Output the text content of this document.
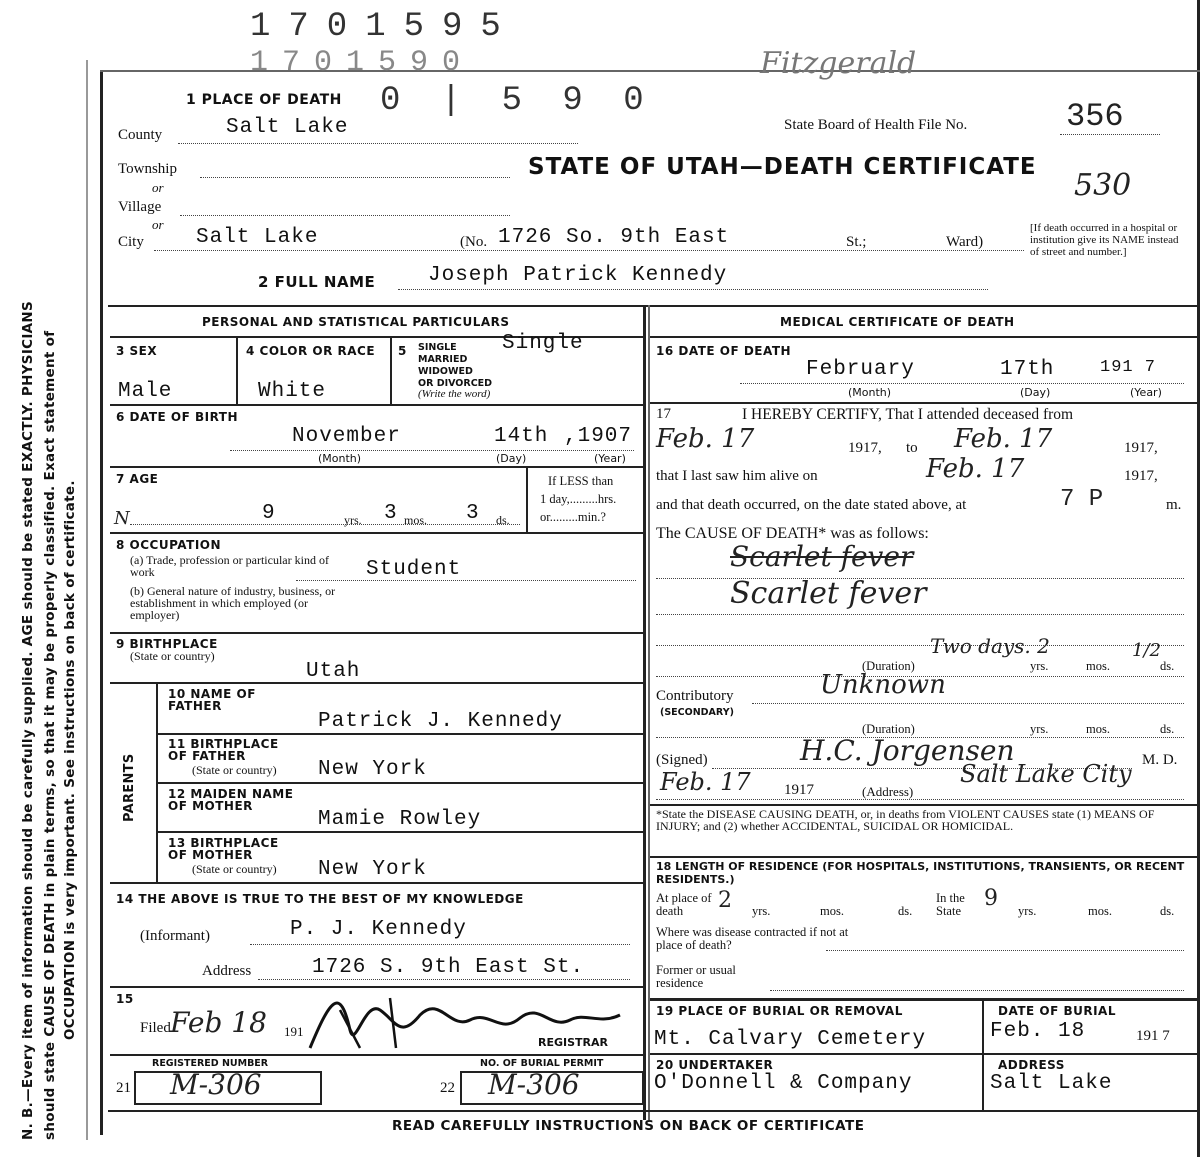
N. B.—Every item of information should be carefully supplied. AGE should be stated EXACTLY. PHYSICIANS should state CAUSE OF DEATH in plain terms, so that it may be properly classified. Exact statement of OCCUPATION is very important. See instructions on back of certificate.
1701595
1701590	Fitzgerald
0 | 5 9 0
1 PLACE OF DEATH
County	Salt Lake
Township
or
Village
or
City Salt Lake	(No. 1726 So. 9th East	St.;	Ward)
State Board of Health File No.	356
STATE OF UTAH—DEATH CERTIFICATE
530
[If death occurred in a hospital or institution give its NAME instead of street and number.]
2 FULL NAME	Joseph Patrick Kennedy
PERSONAL AND STATISTICAL PARTICULARS
3 SEX
Male
4 COLOR OR RACE
White
5 SINGLE
MARRIED
WIDOWED
OR DIVORCED
(Write the word)
Single
6 DATE OF BIRTH
November	14th ,1907
(Month)	(Day)	(Year)
7 AGE
N	9	yrs. 3 mos. 3 ds.
If LESS than
1 day,.........hrs.
or.........min.?
8 OCCUPATION
(a) Trade, profession or particular kind of work	Student
(b) General nature of industry, business, or establishment in which employed (or employer)
9 BIRTHPLACE
(State or country)
Utah
PARENTS
10 NAME OF FATHER
Patrick J. Kennedy
11 BIRTHPLACE OF FATHER
(State or country) New York
12 MAIDEN NAME OF MOTHER
Mamie Rowley
13 BIRTHPLACE OF MOTHER
(State or country) New York
14 THE ABOVE IS TRUE TO THE BEST OF MY KNOWLEDGE
(Informant)	P. J. Kennedy
Address	1726 S. 9th East St.
15
Filed Feb 18 191
REGISTRAR
REGISTERED NUMBER
21 M-306
NO. OF BURIAL PERMIT
22 M-306
MEDICAL CERTIFICATE OF DEATH
16 DATE OF DEATH
February	17th	191 7
(Month)	(Day)	(Year)
17	I HEREBY CERTIFY, That I attended deceased from
Feb. 17	1917, to Feb. 17	1917,
that I last saw him alive on	Feb. 17	1917,
and that death occurred, on the date stated above, at	7 P	m.
The CAUSE OF DEATH* was as follows:
Scarlet fever
Scarlet fever
Two days. 2	1/2
(Duration)	yrs.	mos.	ds.
Contributory
(SECONDARY)
Unknown
(Duration)	yrs.	mos.	ds.
(Signed)	H.C. Jorgensen	M. D.
Feb. 17 1917	(Address)
Salt Lake City
*State the DISEASE CAUSING DEATH, or, in deaths from VIOLENT CAUSES state (1) MEANS OF INJURY; and (2) whether ACCIDENTAL, SUICIDAL OR HOMICIDAL.
18 LENGTH OF RESIDENCE (FOR HOSPITALS, INSTITUTIONS, TRANSIENTS, OR RECENT RESIDENTS.)
At place of death	2 yrs.	mos.	ds.
In the State	9 yrs.	mos.	ds.
Where was disease contracted if not at place of death?
Former or usual residence
19 PLACE OF BURIAL OR REMOVAL
Mt. Calvary Cemetery
DATE OF BURIAL
Feb. 18	191 7
20 UNDERTAKER
O'Donnell & Company
ADDRESS
Salt Lake
READ CAREFULLY INSTRUCTIONS ON BACK OF CERTIFICATE
